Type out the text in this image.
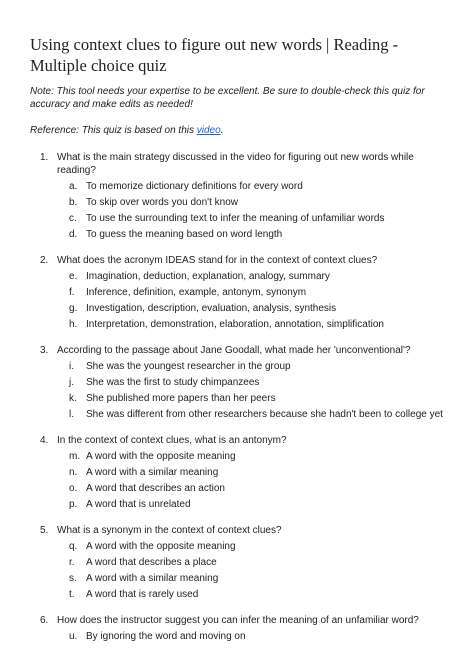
Using context clues to figure out new words | Reading - Multiple choice quiz

Note: This tool needs your expertise to be excellent. Be sure to double-check this quiz for accuracy and make edits as needed!

Reference: This quiz is based on this video.

1. What is the main strategy discussed in the video for figuring out new words while reading?
a. To memorize dictionary definitions for every word
b. To skip over words you don't know
c. To use the surrounding text to infer the meaning of unfamiliar words
d. To guess the meaning based on word length
2. What does the acronym IDEAS stand for in the context of context clues?
e. Imagination, deduction, explanation, analogy, summary
f.	Inference, definition, example, antonym, synonym
g. Investigation, description, evaluation, analysis, synthesis
h. Interpretation, demonstration, elaboration, annotation, simplification
3. According to the passage about Jane Goodall, what made her 'unconventional'?
i.	She was the youngest researcher in the group
j.	She was the first to study chimpanzees
k. She published more papers than her peers
l.	She was different from other researchers because she hadn't been to college yet
4. In the context of context clues, what is an antonym?
m. A word with the opposite meaning
n. A word with a similar meaning
o. A word that describes an action
p. A word that is unrelated
5. What is a synonym in the context of context clues?
q. A word with the opposite meaning
r.	A word that describes a place
s. A word with a similar meaning
t.	A word that is rarely used
6. How does the instructor suggest you can infer the meaning of an unfamiliar word?
u. By ignoring the word and moving on
